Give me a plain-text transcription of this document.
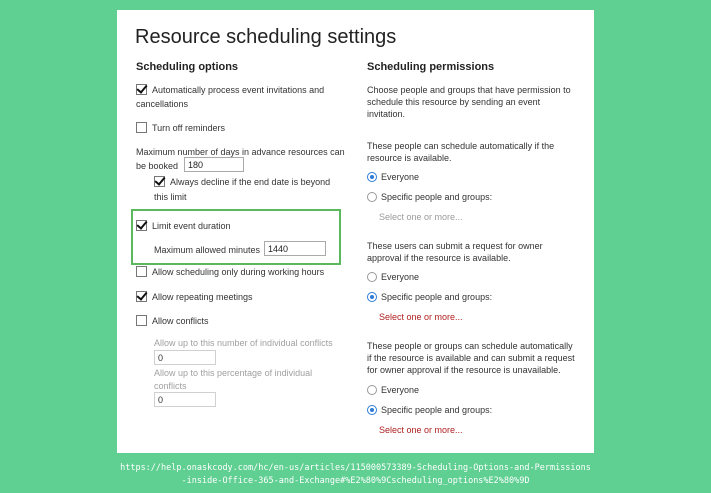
Resource scheduling settings
Scheduling options
Automatically process event invitations and
cancellations
Turn off reminders
Maximum number of days in advance resources can
be booked	180
Always decline if the end date is beyond
this limit
Limit event duration
Maximum allowed minutes 1440
Allow scheduling only during working hours
Allow repeating meetings
Allow conflicts
Allow up to this number of individual conflicts
0
Allow up to this percentage of individual
conflicts
0
Scheduling permissions
Choose people and groups that have permission to
schedule this resource by sending an event
invitation.
These people can schedule automatically if the
resource is available.
Everyone
Specific people and groups:
Select one or more...
These users can submit a request for owner
approval if the resource is available.
Everyone
Specific people and groups:
Select one or more...
These people or groups can schedule automatically
if the resource is available and can submit a request
for owner approval if the resource is unavailable.
Everyone
Specific people and groups:
Select one or more...
https://help.onaskcody.com/hc/en-us/articles/115000573389-Scheduling-Options-and-Permissions
-inside-Office-365-and-Exchange#%E2%80%9Cscheduling_options%E2%80%9D
